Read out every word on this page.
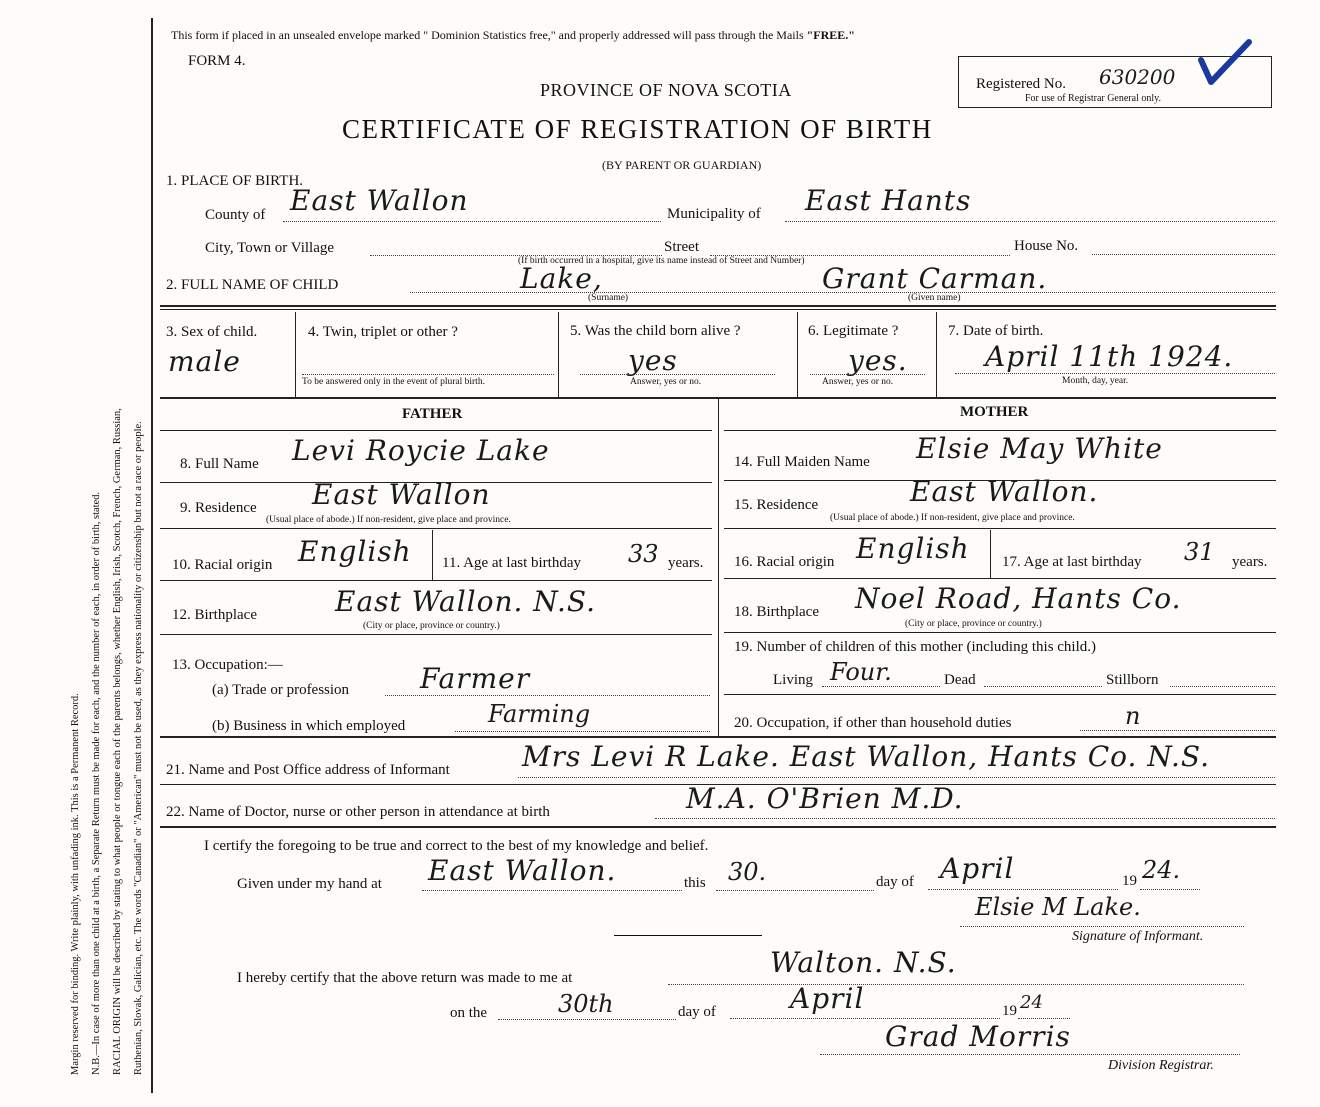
Margin reserved for binding. Write plainly, with unfading ink. This is a Permanent Record. N.B.—In case of more than one child at a birth, a Separate Return must be made for each, and the number of each, in order of birth, stated. RACIAL ORIGIN will be described by stating to what people or tongue each of the parents belongs, whether English, Irish, Scotch, French, German, Russian, Ruthenian, Slovak, Galician, etc. The words "Canadian" or "American" must not be used, as they express nationality or citizenship but not a race or people.
This form if placed in an unsealed envelope marked " Dominion Statistics free," and properly addressed will pass through the Mails "FREE."
FORM 4.
PROVINCE OF NOVA SCOTIA
CERTIFICATE OF REGISTRATION OF BIRTH
(BY PARENT OR GUARDIAN)
Registered No. 630200
For use of Registrar General only.
1. PLACE OF BIRTH.
County of East Wallon	Municipality of East Hants
City, Town or Village	Street	House No.
(If birth occurred in a hospital, give its name instead of Street and Number)
2. FULL NAME OF CHILD	Lake,
(Surname)
Grant Carman.
(Given name)
3. Sex of child.
male
4. Twin, triplet or other ?
To be answered only in the event of plural birth.
5. Was the child born alive ?
yes
Answer, yes or no.
6. Legitimate ?
yes.
Answer, yes or no.
7. Date of birth.
April 11th 1924.
Month, day, year.
FATHER	MOTHER
8. Full Name Levi Roycie Lake
9. Residence East Wallon
(Usual place of abode.) If non-resident, give place and province.
10. Racial origin English 11. Age at last birthday 33 years.
12. Birthplace	East Wallon. N.S.
(City or place, province or country.)
13. Occupation:—
(a) Trade or profession	Farmer
(b) Business in which employed	Farming
14. Full Maiden Name Elsie May White
15. Residence	East Wallon.
(Usual place of abode.) If non-resident, give place and province.
16. Racial origin English 17. Age at last birthday 31 years.
18. Birthplace Noel Road, Hants Co.
(City or place, province or country.)
19. Number of children of this mother (including this child.)
Living Four.	Dead	Stillborn
20. Occupation, if other than household duties	n
21. Name and Post Office address of Informant	Mrs Levi R Lake. East Wallon, Hants Co. N.S.
22. Name of Doctor, nurse or other person in attendance at birth	M.A. O'Brien M.D.
I certify the foregoing to be true and correct to the best of my knowledge and belief.
Given under my hand at East Wallon.	this 30.	day of April	19 24.
Elsie M Lake.
Signature of Informant.
I hereby certify that the above return was made to me at	Walton. N.S.
on the	30th	day of	April	19 24
Grad Morris
Division Registrar.
